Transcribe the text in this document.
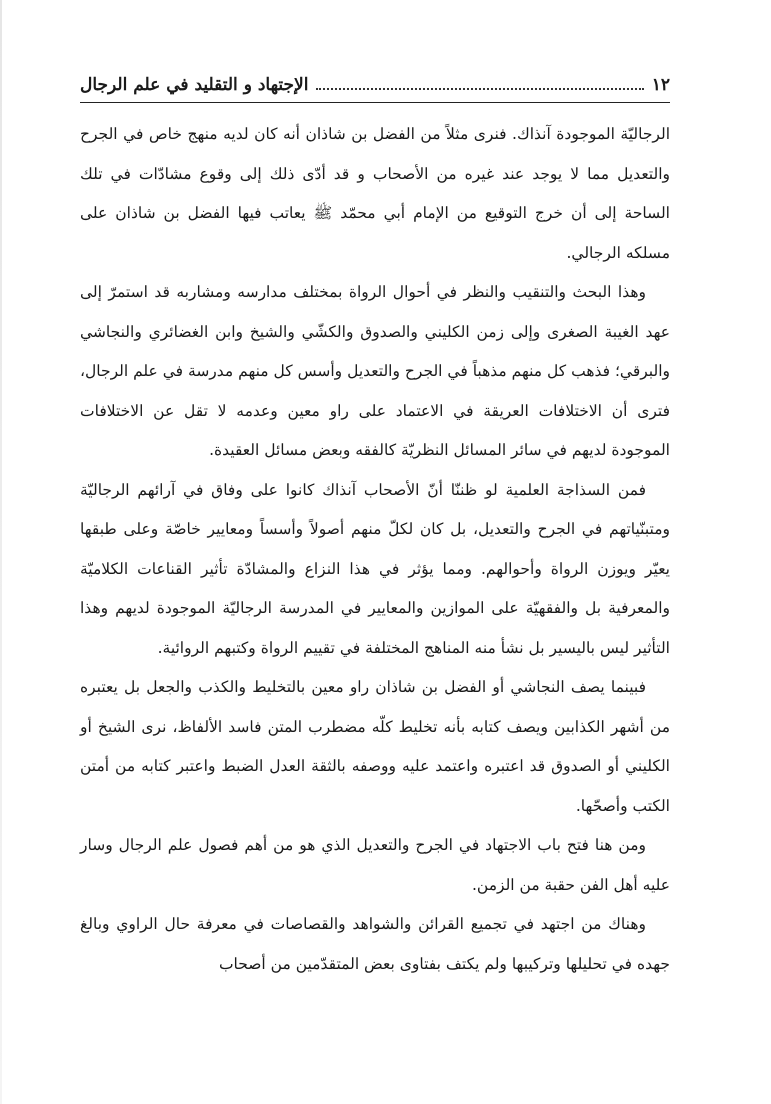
١٢
الإجتهاد و التقليد في علم الرجال

الرجاليّة الموجودة آنذاك. فنرى مثلاً من الفضل بن شاذان أنه كان لديه منهج خاص في الجرح والتعديل مما لا يوجد عند غيره من الأصحاب و قد أدّى ذلك إلى وقوع مشادّات في تلك الساحة إلى أن خرج التوقيع من الإمام أبي محمّد ﷺ يعاتب فيها الفضل بن شاذان على مسلكه الرجالي.

وهذا البحث والتنقيب والنظر في أحوال الرواة بمختلف مدارسه ومشاربه قد استمرّ إلى عهد الغيبة الصغرى وإلى زمن الكليني والصدوق والكشّي والشيخ وابن الغضائري والنجاشي والبرقي؛ فذهب كل منهم مذهباً في الجرح والتعديل وأسس كل منهم مدرسة في علم الرجال، فترى أن الاختلافات العريقة في الاعتماد على راو معين وعدمه لا تقل عن الاختلافات الموجودة لديهم في سائر المسائل النظريّة كالفقه وبعض مسائل العقيدة.

فمن السذاجة العلمية لو ظننّا أنّ الأصحاب آنذاك كانوا على وفاق في آرائهم الرجاليّة ومتبنّياتهم في الجرح والتعديل، بل كان لكلّ منهم أصولاً وأسساً ومعايير خاصّة وعلى طبقها يعيّر ويوزن الرواة وأحوالهم. ومما يؤثر في هذا النزاع والمشادّة تأثير القناعات الكلاميّة والمعرفية بل والفقهيّة على الموازين والمعايير في المدرسة الرجاليّة الموجودة لديهم وهذا التأثير ليس باليسير بل نشأ منه المناهج المختلفة في تقييم الرواة وكتبهم الروائية.

فبينما يصف النجاشي أو الفضل بن شاذان راو معين بالتخليط والكذب والجعل بل يعتبره من أشهر الكذابين ويصف كتابه بأنه تخليط كلّه مضطرب المتن فاسد الألفاظ، نرى الشيخ أو الكليني أو الصدوق قد اعتبره واعتمد عليه ووصفه بالثقة العدل الضبط واعتبر كتابه من أمتن الكتب وأصحّها.

ومن هنا فتح باب الاجتهاد في الجرح والتعديل الذي هو من أهم فصول علم الرجال وسار عليه أهل الفن حقبة من الزمن.

وهناك من اجتهد في تجميع القرائن والشواهد والقصاصات في معرفة حال الراوي وبالغ جهده في تحليلها وتركيبها ولم يكتف بفتاوى بعض المتقدّمين من أصحاب
